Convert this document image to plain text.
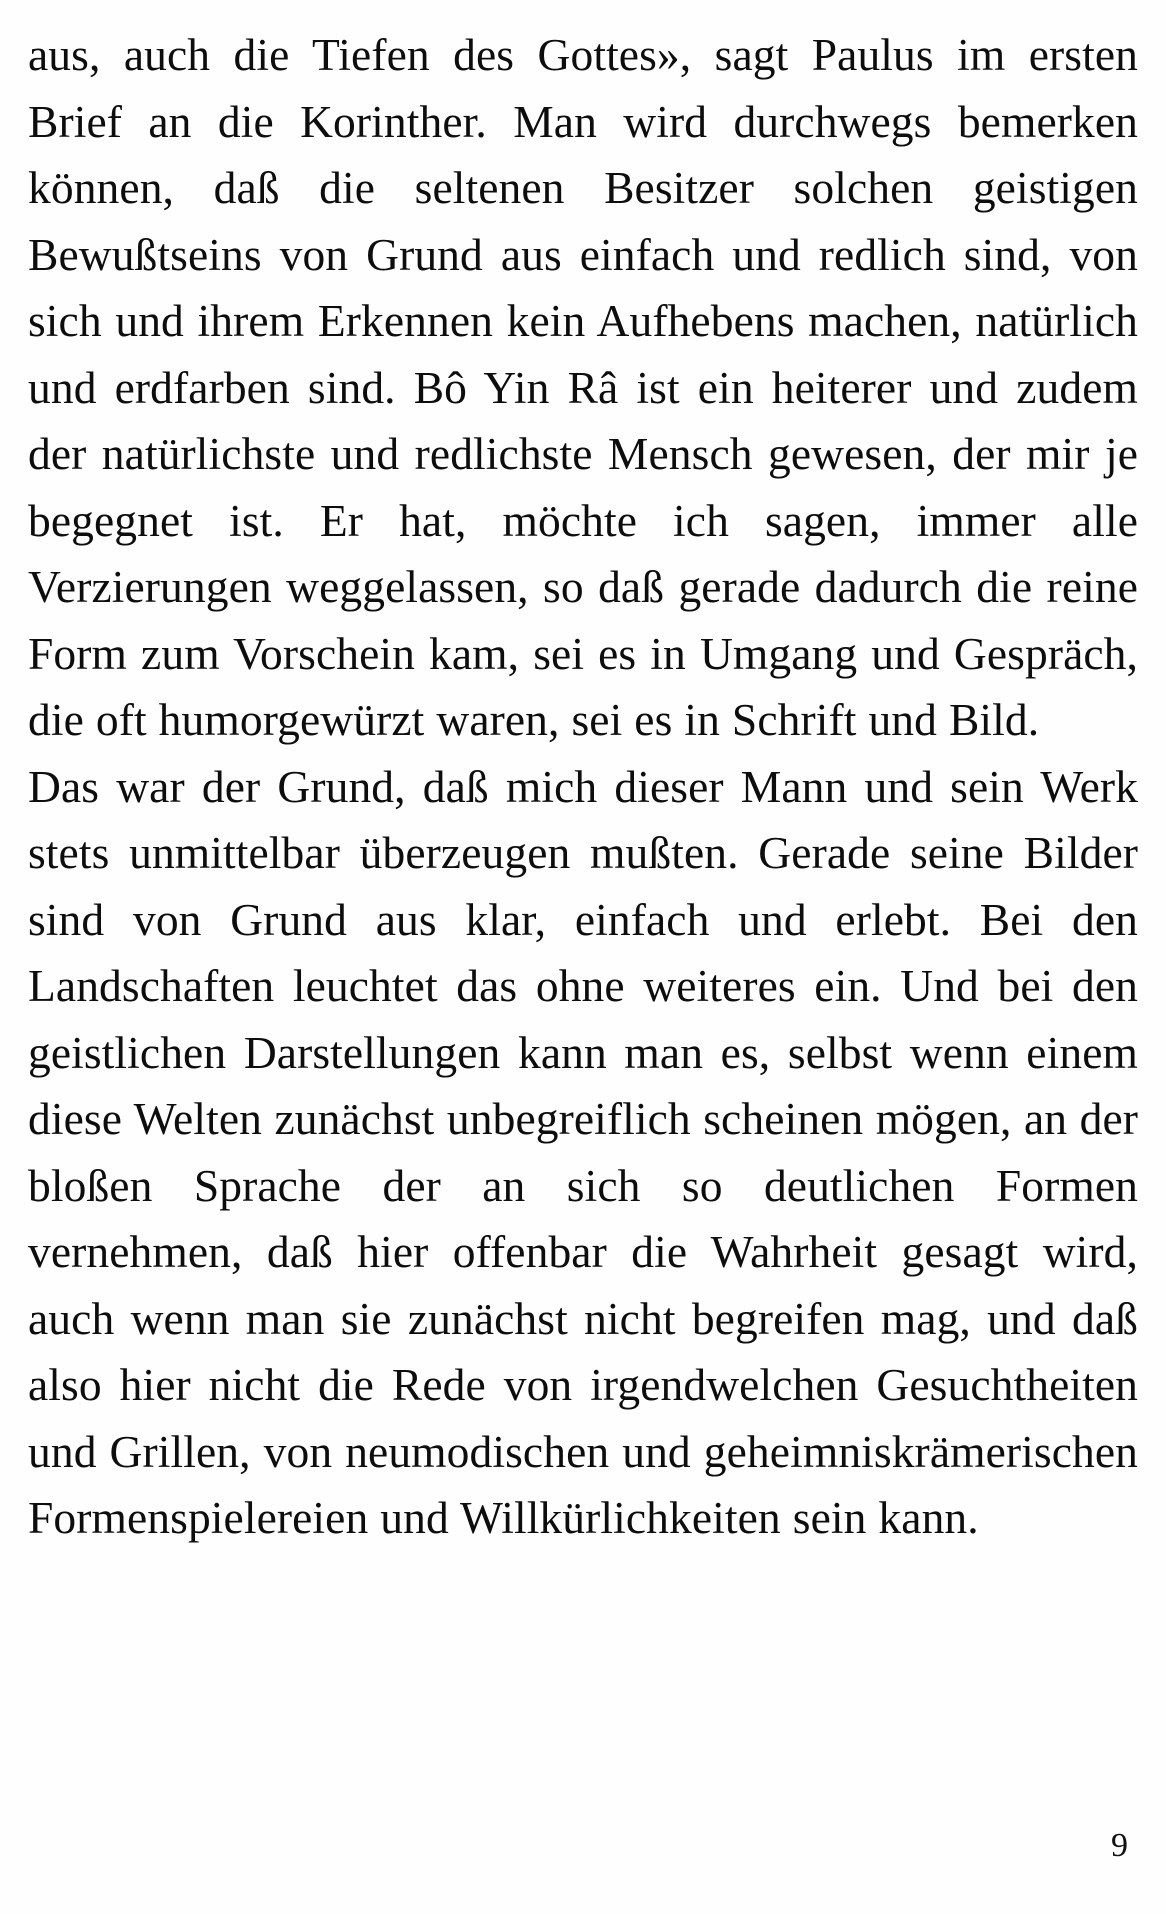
aus, auch die Tiefen des Gottes», sagt Paulus im ersten Brief an die Korinther. Man wird durchwegs bemerken können, daß die seltenen Besitzer solchen geistigen Bewußtseins von Grund aus einfach und redlich sind, von sich und ihrem Erkennen kein Aufhebens machen, natürlich und erdfarben sind. Bô Yin Râ ist ein heiterer und zudem der natürlichste und redlichste Mensch gewesen, der mir je begegnet ist. Er hat, möchte ich sagen, immer alle Verzierungen weggelassen, so daß gerade dadurch die reine Form zum Vorschein kam, sei es in Umgang und Gespräch, die oft humorgewürzt waren, sei es in Schrift und Bild.

Das war der Grund, daß mich dieser Mann und sein Werk stets unmittelbar überzeugen mußten. Gerade seine Bilder sind von Grund aus klar, einfach und erlebt. Bei den Landschaften leuchtet das ohne weiteres ein. Und bei den geistlichen Darstellungen kann man es, selbst wenn einem diese Welten zunächst unbegreiflich scheinen mögen, an der bloßen Sprache der an sich so deutlichen Formen vernehmen, daß hier offenbar die Wahrheit gesagt wird, auch wenn man sie zunächst nicht begreifen mag, und daß also hier nicht die Rede von irgendwelchen Gesuchtheiten und Grillen, von neumodischen und geheimniskrämerischen Formenspielereien und Willkürlichkeiten sein kann.

9
